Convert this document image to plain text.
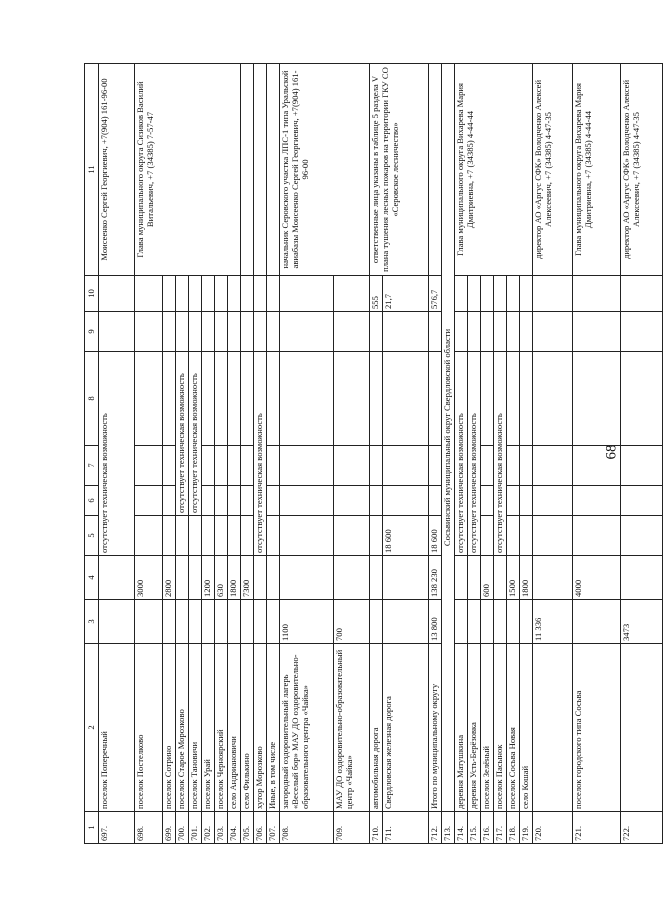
68
1	2	3	4	5	6	7	8	9	10	11
697.	поселок Поперечный			отсутствует техническая возможность						Моисеенко Сергей Георгиевич, +7(904) 161-96-00
698.	поселок Постелково		3000							Глава муниципального округа Сизиков Василий Витальевич, +7 (34385) 7-57-47
699.	поселок Сотрино		2800							
700.	поселок Старое Морозково				отсутствует техническая возможность					
701.	поселок Тановичи				отсутствует техническая возможность					
702.	поселок Урай		1200							
703.	поселок Черноярский		630							
704.	село Андриановичи		1800							
705.	село Филькино		7300							
706.	хутор Морозково			отсутствует техническая возможность						
707.	Иные, в том числе									
708.	загородный оздоровительный лагерь «Веселый бор» МАУ ДО оздоровительно-образовательного центра «Чайка»	1100								начальник Серовского участка ЛПС-1 типа Уральской авиабазы Моисеенко Сергей Георгиевич, +7(904) 161-96-00
709.	МАУ ДО оздоровительно-образовательный центр «Чайка»	700								
710.	автомобильная дорога								555	ответственные лица указаны в таблице 5 раздела V плана тушения лесных пожаров на территории ГКУ СО «Серовское лесничество»
711.	Свердловская железная дорога			18 600					21,7	
712.	Итого по муниципальному округу	13 800	138 230	18 600					576,7	
713.	Сосьвинский муниципальный округ Свердловской области									
714.	деревня Матушкина			отсутствует техническая возможность						Глава муниципального округа Вихарева Мария Дмитриевна, +7 (34385) 4-44-44
715.	деревня Усть-Берёзовка			отсутствует техническая возможность						
716.	поселок Зелёный		600							
717.	поселок Пасынок			отсутствует техническая возможность						
718.	поселок Сосьва Новая		1500							
719.	село Кошай		1800							
720.		11 336								директор АО «Аргус СФК» Володченко Алексей Алексеевич, +7 (34385) 4-47-35
721.	поселок городского типа Сосьва		4000							Глава муниципального округа Вихарева Мария Дмитриевна, +7 (34385) 4-44-44
722.		3473								директор АО «Аргус СФК» Володченко Алексей Алексеевич, +7 (34385) 4-47-35
